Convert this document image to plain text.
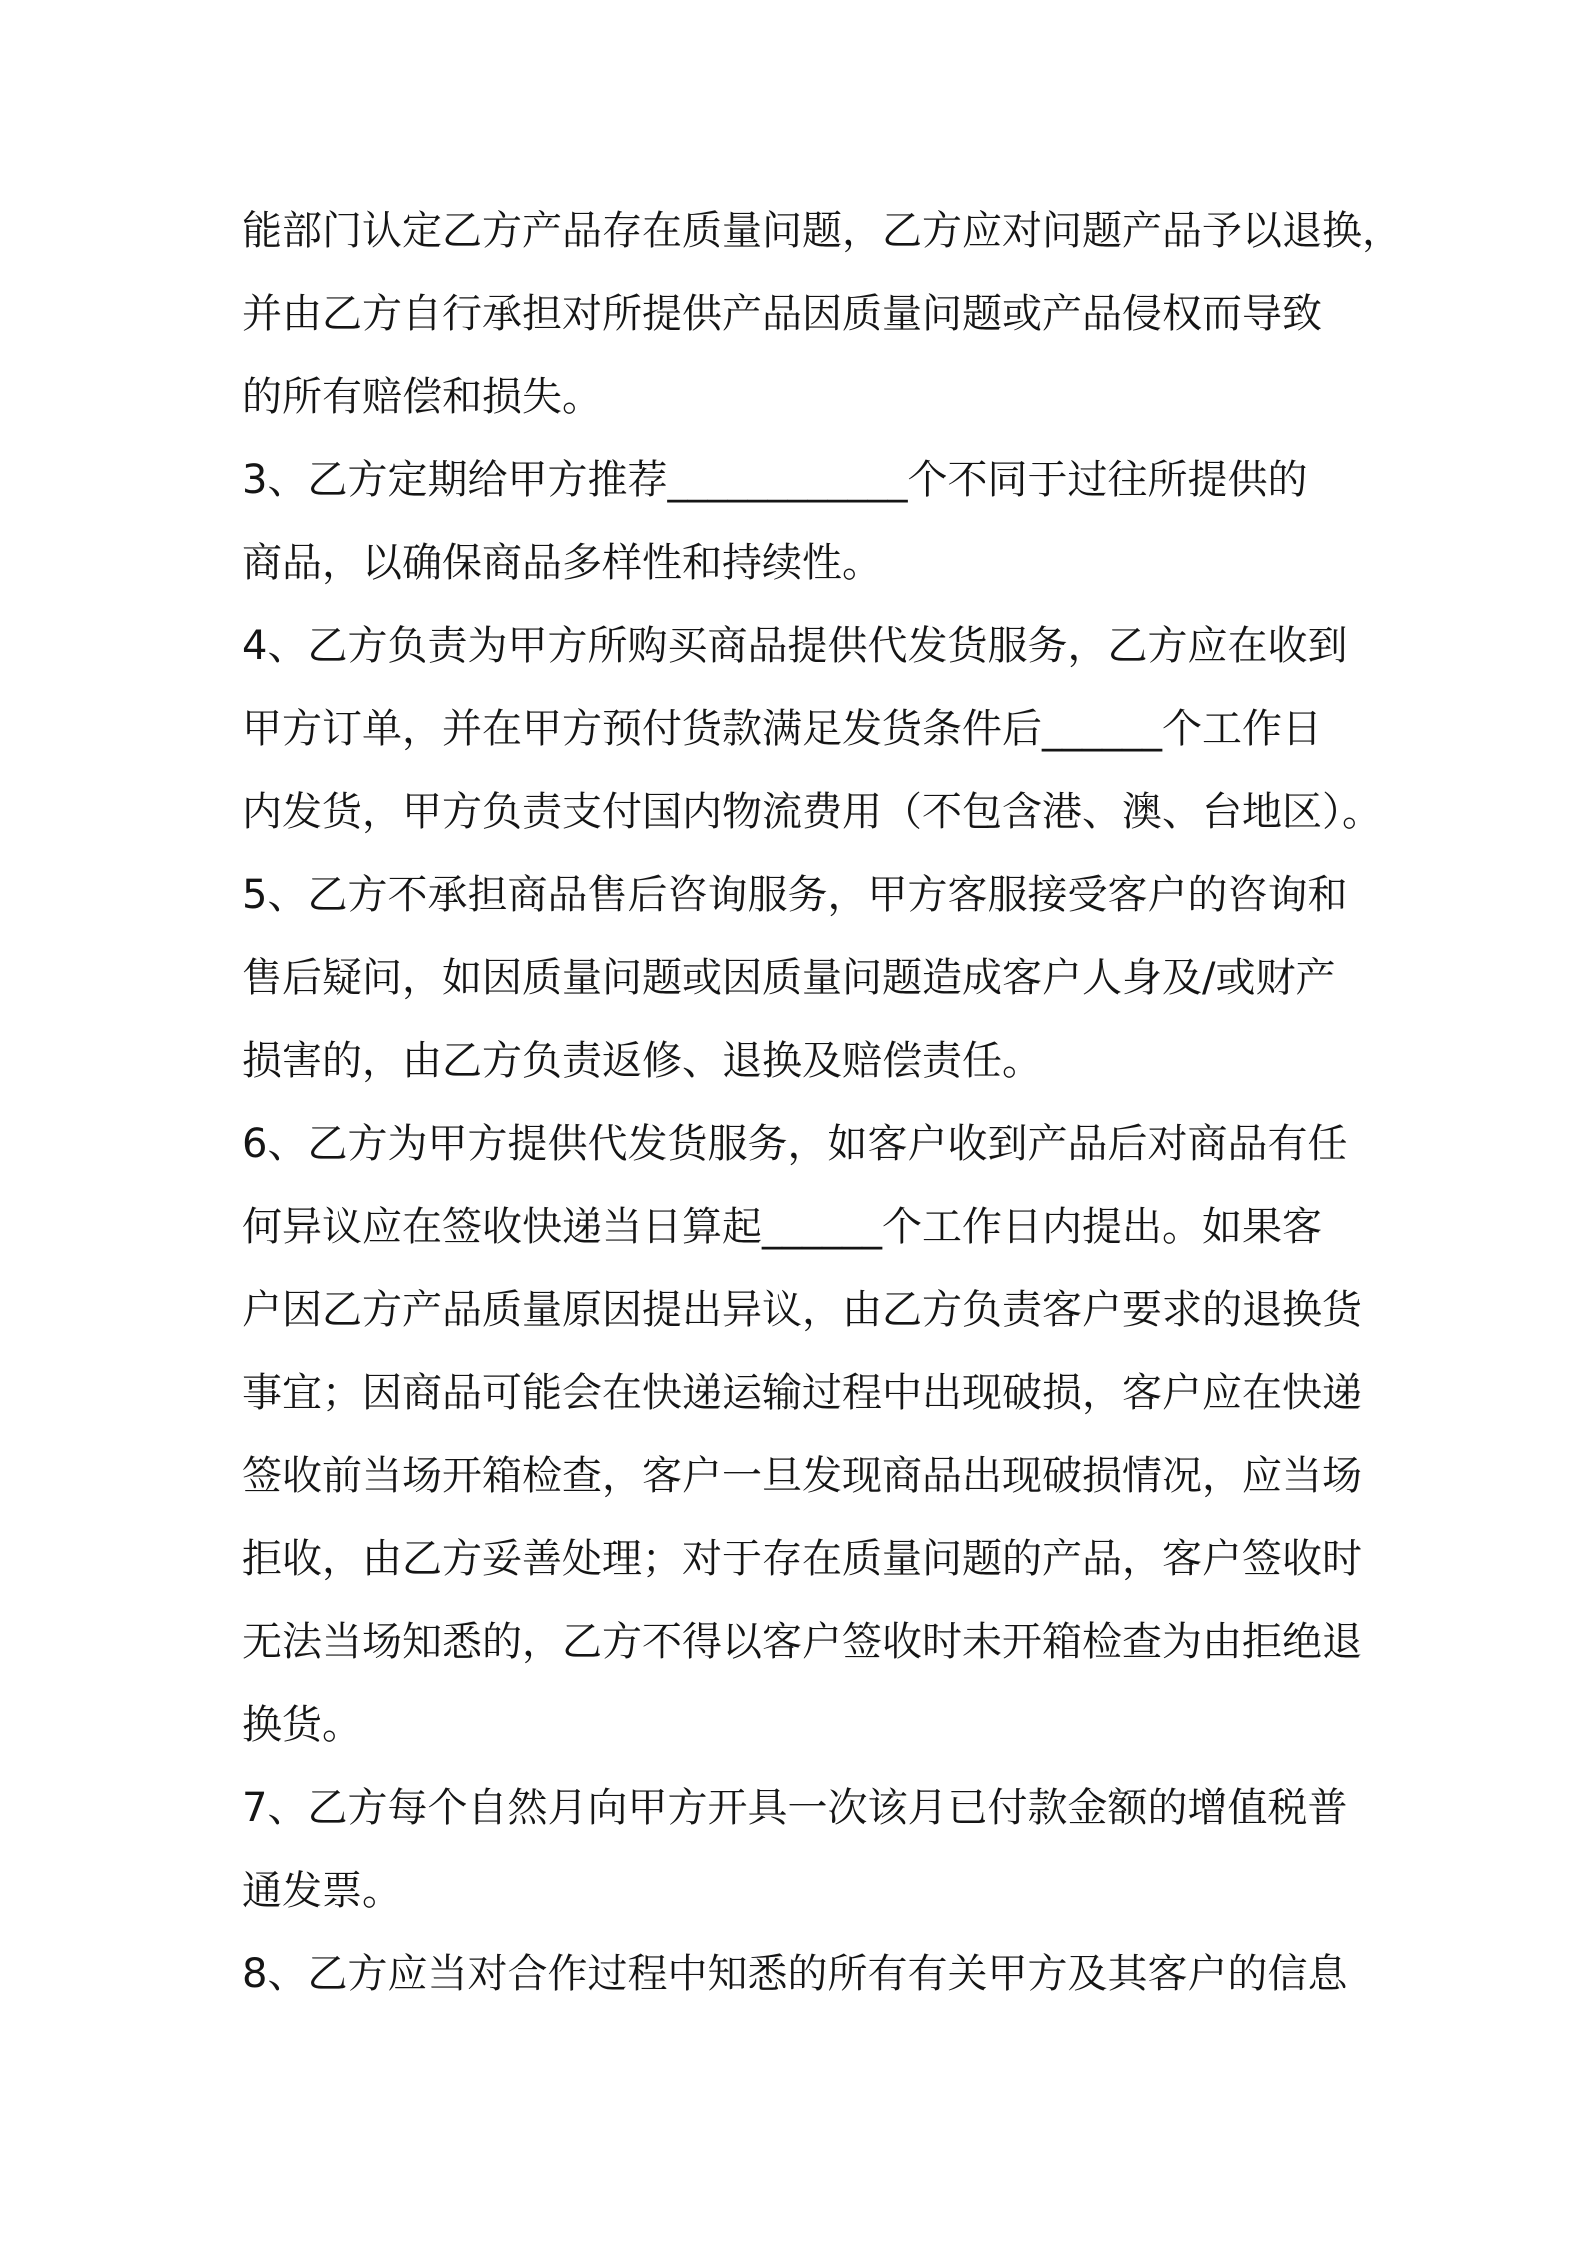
能部门认定乙方产品存在质量问题，乙方应对问题产品予以退换，
并由乙方自行承担对所提供产品因质量问题或产品侵权而导致
的所有赔偿和损失。
3、乙方定期给甲方推荐____________个不同于过往所提供的
商品，以确保商品多样性和持续性。
4、乙方负责为甲方所购买商品提供代发货服务，乙方应在收到
甲方订单，并在甲方预付货款满足发货条件后______个工作日
内发货，甲方负责支付国内物流费用（不包含港、澳、台地区）。
5、乙方不承担商品售后咨询服务，甲方客服接受客户的咨询和
售后疑问，如因质量问题或因质量问题造成客户人身及/或财产
损害的，由乙方负责返修、退换及赔偿责任。
6、乙方为甲方提供代发货服务，如客户收到产品后对商品有任
何异议应在签收快递当日算起______个工作日内提出。如果客
户因乙方产品质量原因提出异议，由乙方负责客户要求的退换货
事宜；因商品可能会在快递运输过程中出现破损，客户应在快递
签收前当场开箱检查，客户一旦发现商品出现破损情况，应当场
拒收，由乙方妥善处理；对于存在质量问题的产品，客户签收时
无法当场知悉的，乙方不得以客户签收时未开箱检查为由拒绝退
换货。
7、乙方每个自然月向甲方开具一次该月已付款金额的增值税普
通发票。
8、乙方应当对合作过程中知悉的所有有关甲方及其客户的信息
